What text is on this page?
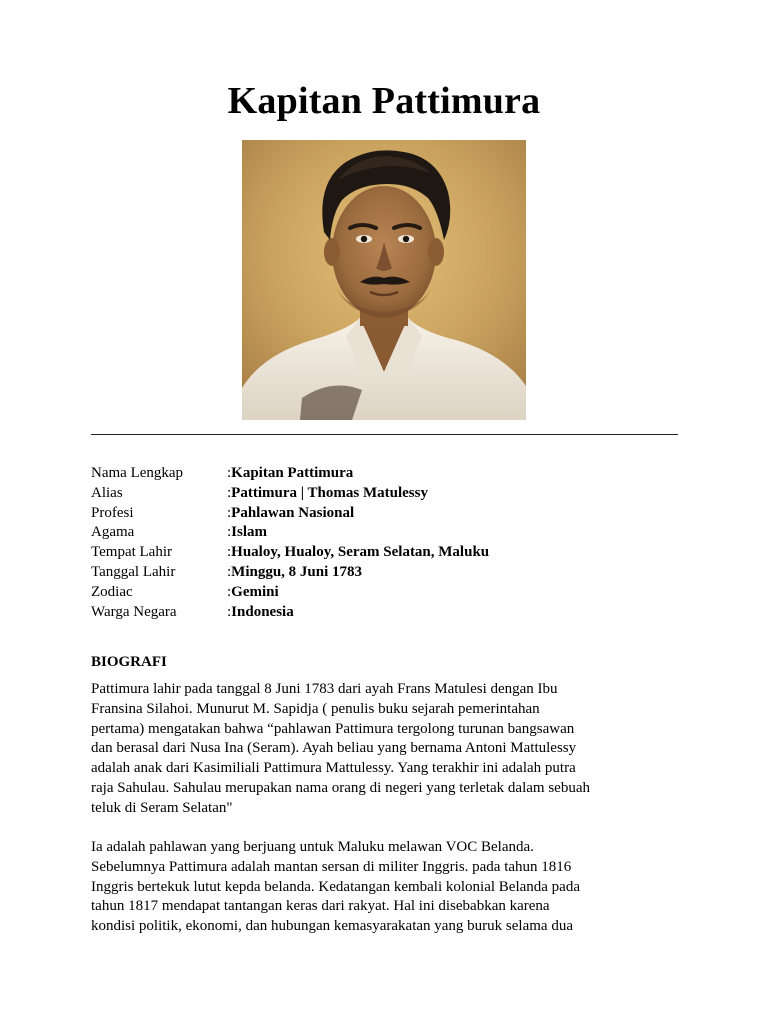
Kapitan Pattimura
Nama Lengkap	:Kapitan Pattimura
Alias	:Pattimura | Thomas Matulessy
Profesi	:Pahlawan Nasional
Agama	:Islam
Tempat Lahir	:Hualoy, Hualoy, Seram Selatan, Maluku
Tanggal Lahir	:Minggu, 8 Juni 1783
Zodiac	:Gemini
Warga Negara	:Indonesia
BIOGRAFI
Pattimura lahir pada tanggal 8 Juni 1783 dari ayah Frans Matulesi dengan Ibu
Fransina Silahoi. Munurut M. Sapidja ( penulis buku sejarah pemerintahan
pertama) mengatakan bahwa “pahlawan Pattimura tergolong turunan bangsawan
dan berasal dari Nusa Ina (Seram). Ayah beliau yang bernama Antoni Mattulessy
adalah anak dari Kasimiliali Pattimura Mattulessy. Yang terakhir ini adalah putra
raja Sahulau. Sahulau merupakan nama orang di negeri yang terletak dalam sebuah
teluk di Seram Selatan"
Ia adalah pahlawan yang berjuang untuk Maluku melawan VOC Belanda.
Sebelumnya Pattimura adalah mantan sersan di militer Inggris. pada tahun 1816
Inggris bertekuk lutut kepda belanda. Kedatangan kembali kolonial Belanda pada
tahun 1817 mendapat tantangan keras dari rakyat. Hal ini disebabkan karena
kondisi politik, ekonomi, dan hubungan kemasyarakatan yang buruk selama dua
